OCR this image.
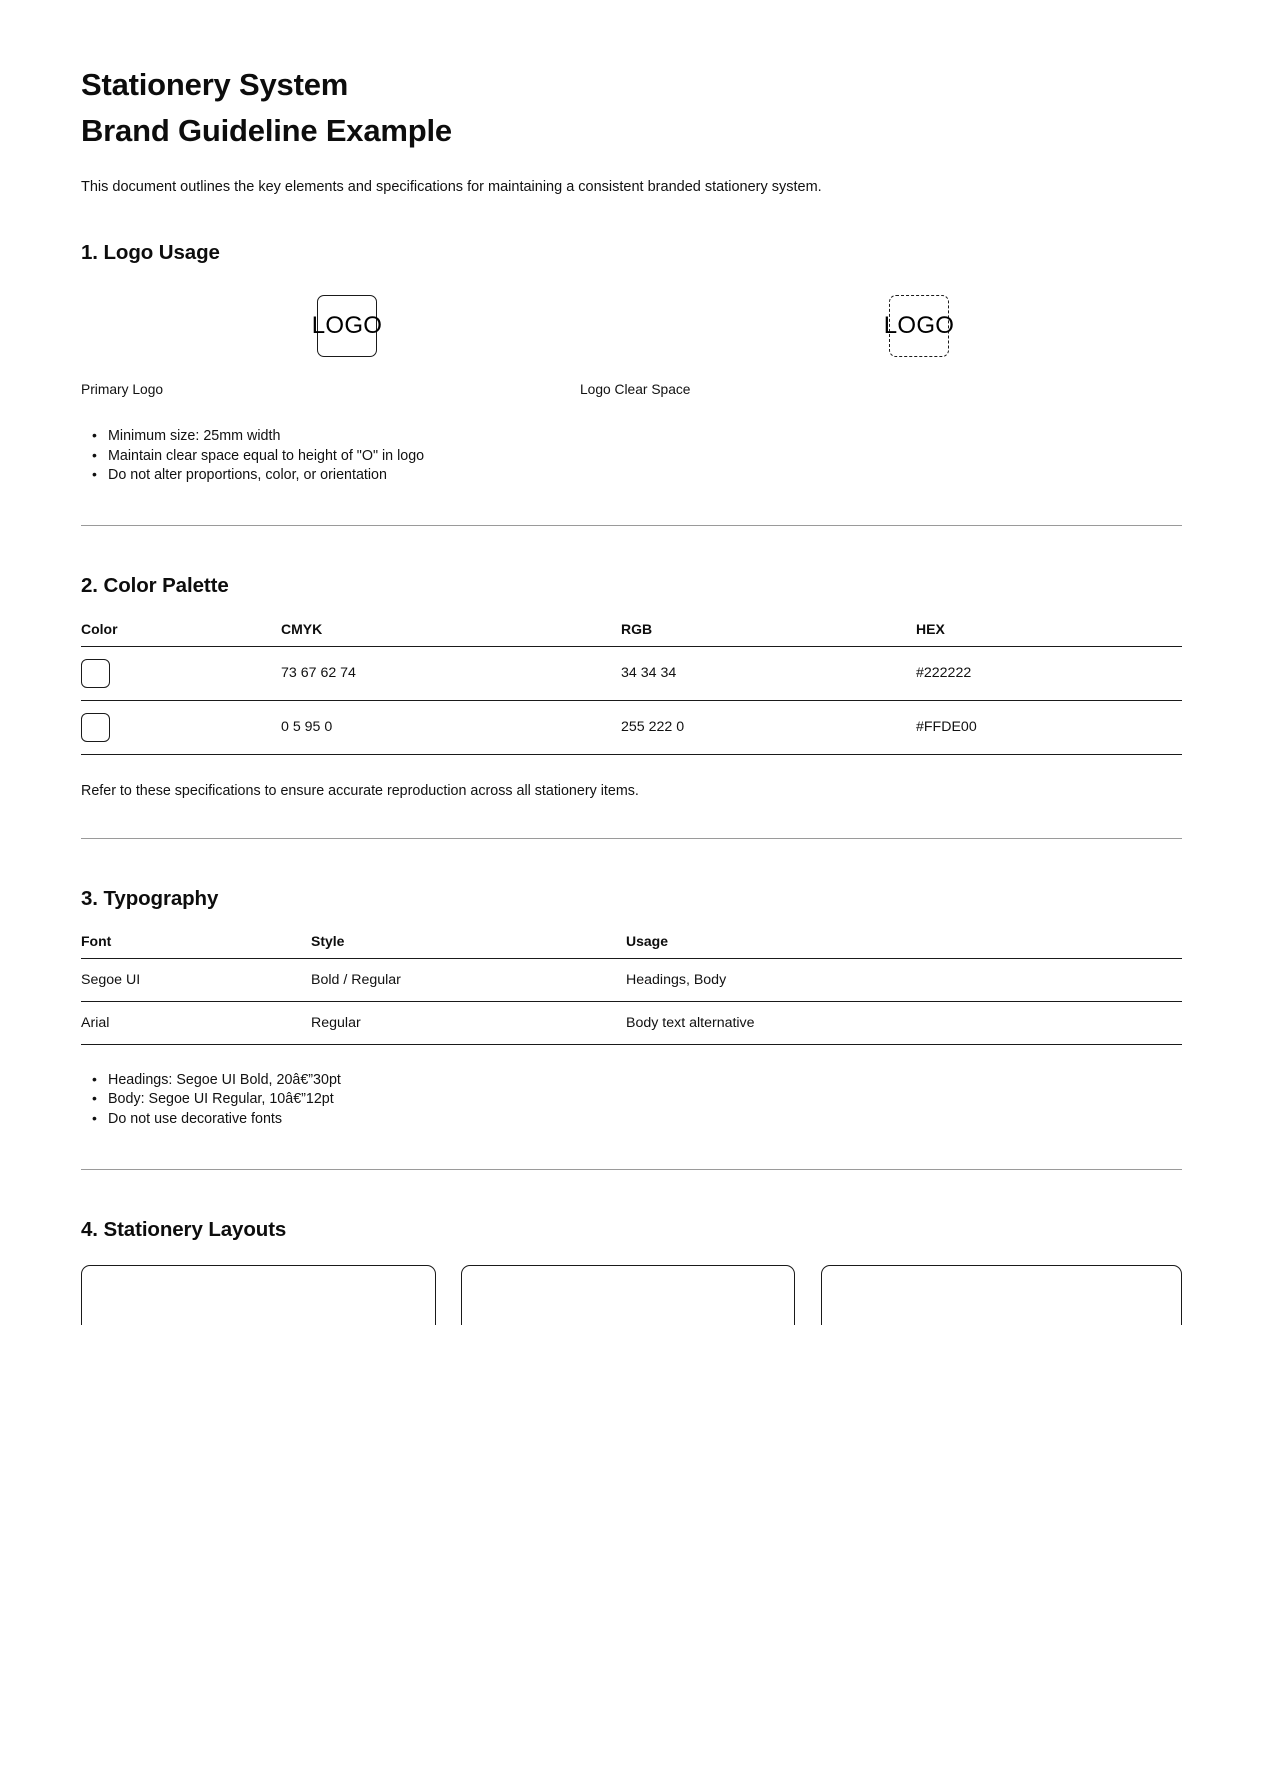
Stationery System
Brand Guideline Example

This document outlines the key elements and specifications for maintaining a consistent branded stationery system.

1. Logo Usage
LOGO	LOGO
Primary Logo	Logo Clear Space
• Minimum size: 25mm width
• Maintain clear space equal to height of "O" in logo
• Do not alter proportions, color, or orientation
2. Color Palette
Color	CMYK	RGB	HEX

	73 67 62 74	34 34 34	#222222

	0 5 95 0	255 222 0	#FFDE00

Refer to these specifications to ensure accurate reproduction across all stationery items.

3. Typography
Font	Style	Usage
Segoe UI	Bold / Regular	Headings, Body
Arial	Regular	Body text alternative
• Headings: Segoe UI Bold, 20â€”30pt
• Body: Segoe UI Regular, 10â€”12pt
• Do not use decorative fonts
4. Stationery Layouts
